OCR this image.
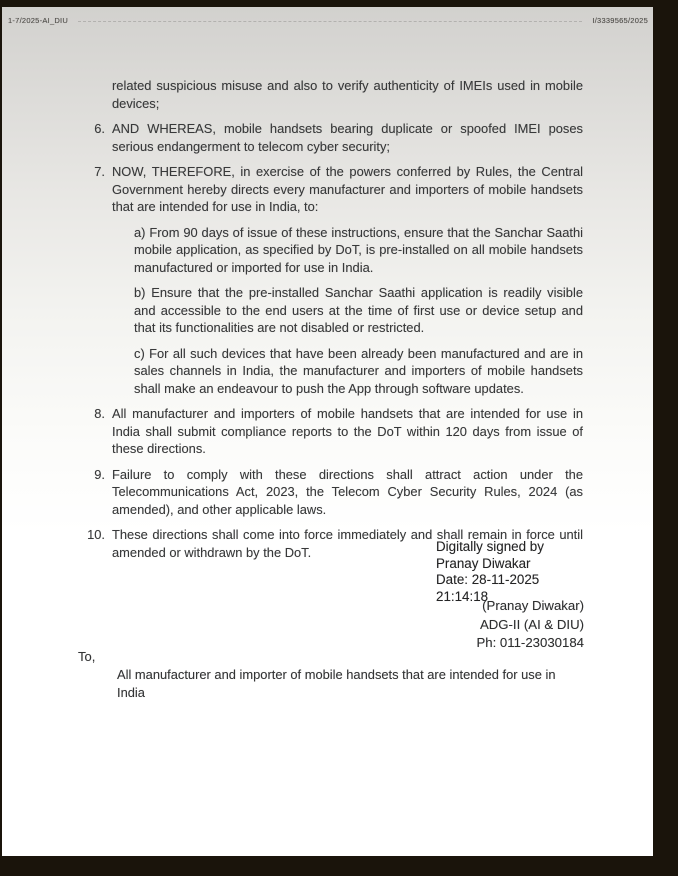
1-7/2025-AI_DIU	I/3339565/2025

related suspicious misuse and also to verify authenticity of IMEIs used in mobile devices;

6. AND WHEREAS, mobile handsets bearing duplicate or spoofed IMEI poses serious endangerment to telecom cyber security;

7. NOW, THEREFORE, in exercise of the powers conferred by Rules, the Central Government hereby directs every manufacturer and importers of mobile handsets that are intended for use in India, to:

a) From 90 days of issue of these instructions, ensure that the Sanchar Saathi mobile application, as specified by DoT, is pre-installed on all mobile handsets manufactured or imported for use in India.

b) Ensure that the pre-installed Sanchar Saathi application is readily visible and accessible to the end users at the time of first use or device setup and that its functionalities are not disabled or restricted.

c) For all such devices that have been already been manufactured and are in sales channels in India, the manufacturer and importers of mobile handsets shall make an endeavour to push the App through software updates.

8. All manufacturer and importers of mobile handsets that are intended for use in India shall submit compliance reports to the DoT within 120 days from issue of these directions.

9. Failure to comply with these directions shall attract action under the Telecommunications Act, 2023, the Telecom Cyber Security Rules, 2024 (as amended), and other applicable laws.

10. These directions shall come into force immediately and shall remain in force until amended or withdrawn by the DoT.	Digitally signed by
Pranay Diwakar
Date: 28-11-2025
21:14:18
(Pranay Diwakar)
ADG-II (AI & DIU)
Ph: 011-23030184
To,
All manufacturer and importer of mobile handsets that are intended for use in India
